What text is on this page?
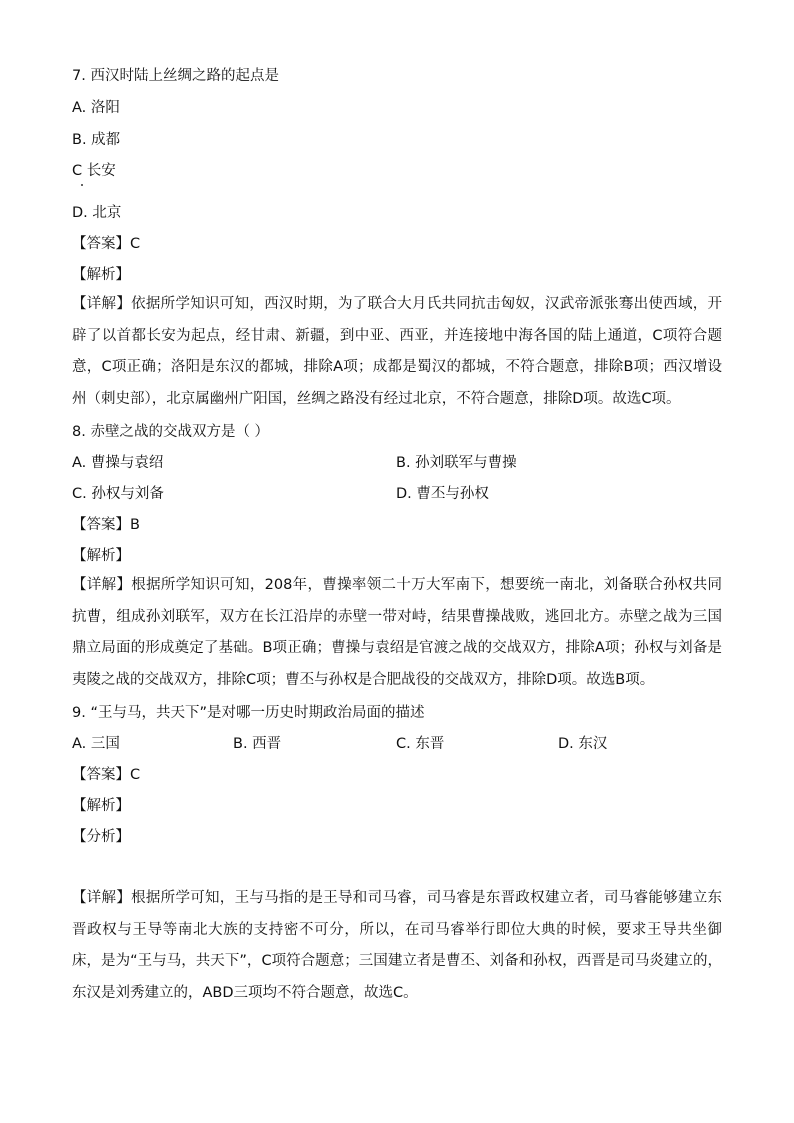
7. 西汉时陆上丝绸之路的起点是
A. 洛阳
B. 成都
C 长安
D. 北京
【答案】C
【解析】
【详解】依据所学知识可知，西汉时期，为了联合大月氏共同抗击匈奴，汉武帝派张骞出使西域，开辟了以首都长安为起点，经甘肃、新疆，到中亚、西亚，并连接地中海各国的陆上通道，C项符合题意，C项正确；洛阳是东汉的都城，排除A项；成都是蜀汉的都城，不符合题意，排除B项；西汉增设州（刺史部），北京属幽州广阳国，丝绸之路没有经过北京，不符合题意，排除D项。故选C项。
8. 赤壁之战的交战双方是（ ）
A. 曹操与袁绍	B. 孙刘联军与曹操
C. 孙权与刘备	D. 曹丕与孙权
【答案】B
【解析】
【详解】根据所学知识可知，208年，曹操率领二十万大军南下，想要统一南北，刘备联合孙权共同抗曹，组成孙刘联军，双方在长江沿岸的赤壁一带对峙，结果曹操战败，逃回北方。赤壁之战为三国鼎立局面的形成奠定了基础。B项正确；曹操与袁绍是官渡之战的交战双方，排除A项；孙权与刘备是夷陵之战的交战双方，排除C项；曹丕与孙权是合肥战役的交战双方，排除D项。故选B项。
9. “王与马，共天下”是对哪一历史时期政治局面的描述
A. 三国	B. 西晋	C. 东晋	D. 东汉
【答案】C
【解析】
【分析】
【详解】根据所学可知，王与马指的是王导和司马睿，司马睿是东晋政权建立者，司马睿能够建立东晋政权与王导等南北大族的支持密不可分，所以，在司马睿举行即位大典的时候，要求王导共坐御床，是为“王与马，共天下”，C项符合题意；三国建立者是曹丕、刘备和孙权，西晋是司马炎建立的，东汉是刘秀建立的，ABD三项均不符合题意，故选C。
